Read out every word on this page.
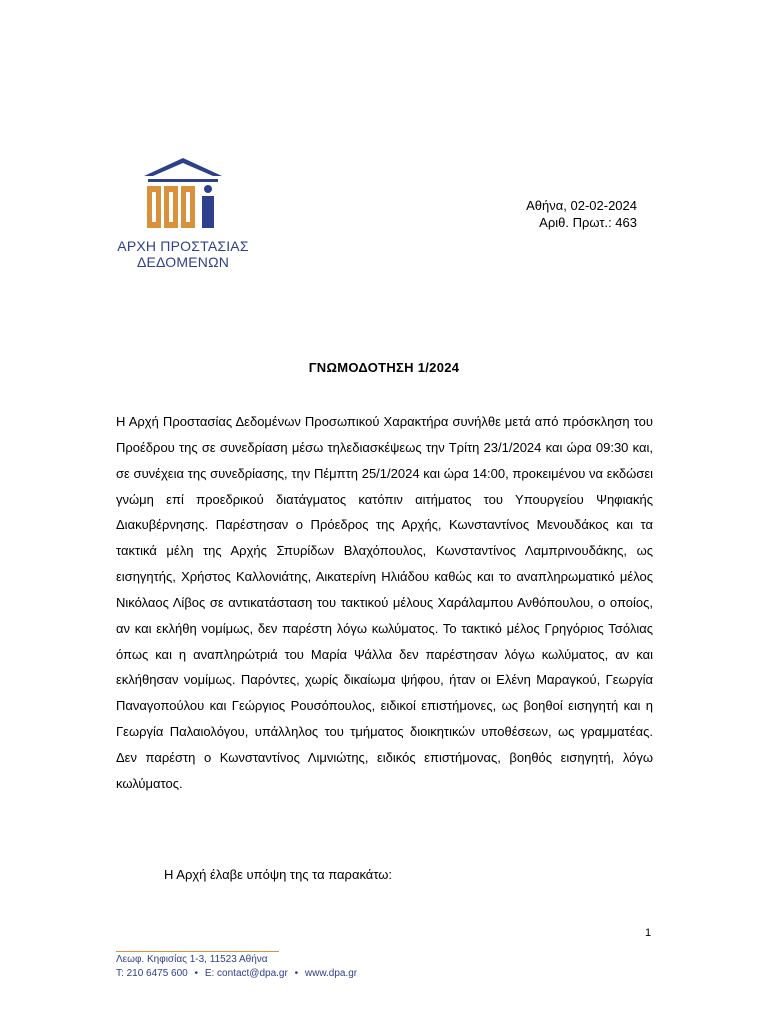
ΑΡΧΗ ΠΡΟΣΤΑΣΙΑΣ
ΔΕΔΟΜΕΝΩΝ
Αθήνα, 02-02-2024
Αριθ. Πρωτ.: 463
ΓΝΩΜΟΔΟΤΗΣΗ 1/2024

Η Αρχή Προστασίας Δεδομένων Προσωπικού Χαρακτήρα συνήλθε μετά από πρόσκληση του Προέδρου της σε συνεδρίαση μέσω τηλεδιασκέψεως την Τρίτη 23/1/2024 και ώρα 09:30 και, σε συνέχεια της συνεδρίασης, την Πέμπτη 25/1/2024 και ώρα 14:00, προκειμένου να εκδώσει γνώμη επί προεδρικού διατάγματος κατόπιν αιτήματος του Υπουργείου Ψηφιακής Διακυβέρνησης. Παρέστησαν ο Πρόεδρος της Αρχής, Κωνσταντίνος Μενουδάκος και τα τακτικά μέλη της Αρχής Σπυρίδων Βλαχόπουλος, Κωνσταντίνος Λαμπρινουδάκης, ως εισηγητής, Χρήστος Καλλονιάτης, Αικατερίνη Ηλιάδου καθώς και το αναπληρωματικό μέλος Νικόλαος Λίβος σε αντικατάσταση του τακτικού μέλους Χαράλαμπου Ανθόπουλου, ο οποίος, αν και εκλήθη νομίμως, δεν παρέστη λόγω κωλύματος. Το τακτικό μέλος Γρηγόριος Τσόλιας όπως και η αναπληρώτριά του Μαρία Ψάλλα δεν παρέστησαν λόγω κωλύματος, αν και εκλήθησαν νομίμως. Παρόντες, χωρίς δικαίωμα ψήφου, ήταν οι Ελένη Μαραγκού, Γεωργία Παναγοπούλου και Γεώργιος Ρουσόπουλος, ειδικοί επιστήμονες, ως βοηθοί εισηγητή και η Γεωργία Παλαιολόγου, υπάλληλος του τμήματος διοικητικών υποθέσεων, ως γραμματέας. Δεν παρέστη ο Κωνσταντίνος Λιμνιώτης, ειδικός επιστήμονας, βοηθός εισηγητή, λόγω κωλύματος.

Η Αρχή έλαβε υπόψη της τα παρακάτω:
1
Λεωφ. Κηφισίας 1-3, 11523 Αθήνα
Τ: 210 6475 600 • Ε: contact@dpa.gr • www.dpa.gr
